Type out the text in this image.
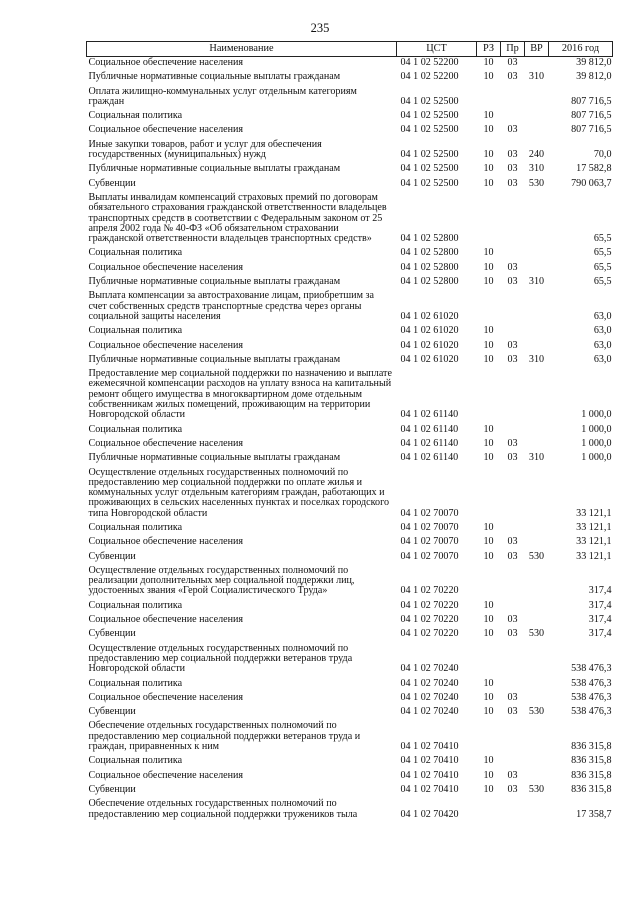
235
Наименование	ЦСТ	РЗ	Пр	ВР	2016 год
Социальное обеспечение населения	04 1 02 52200	10	03		39 812,0
Публичные нормативные социальные выплаты гражданам	04 1 02 52200	10	03	310	39 812,0
Оплата жилищно-коммунальных услуг отдельным категориям граждан	04 1 02 52500				807 716,5
Социальная политика	04 1 02 52500	10			807 716,5
Социальное обеспечение населения	04 1 02 52500	10	03		807 716,5
Иные закупки товаров, работ и услуг для обеспечения государственных (муниципальных) нужд	04 1 02 52500	10	03	240	70,0
Публичные нормативные социальные выплаты гражданам	04 1 02 52500	10	03	310	17 582,8
Субвенции	04 1 02 52500	10	03	530	790 063,7
Выплаты инвалидам компенсаций страховых премий по договорам обязательного страхования гражданской ответственности владельцев транспортных средств в соответствии с Федеральным законом от 25 апреля 2002 года № 40-ФЗ «Об обязательном страховании гражданской ответственности владельцев транспортных средств»	04 1 02 52800				65,5
Социальная политика	04 1 02 52800	10			65,5
Социальное обеспечение населения	04 1 02 52800	10	03		65,5
Публичные нормативные социальные выплаты гражданам	04 1 02 52800	10	03	310	65,5
Выплата компенсации за автострахование лицам, приобретшим за счет собственных средств транспортные средства через органы социальной защиты населения	04 1 02 61020				63,0
Социальная политика	04 1 02 61020	10			63,0
Социальное обеспечение населения	04 1 02 61020	10	03		63,0
Публичные нормативные социальные выплаты гражданам	04 1 02 61020	10	03	310	63,0
Предоставление мер социальной поддержки по назначению и выплате ежемесячной компенсации расходов на уплату взноса на капитальный ремонт общего имущества в многоквартирном доме отдельным собственникам жилых помещений, проживающим на территории Новгородской области	04 1 02 61140				1 000,0
Социальная политика	04 1 02 61140	10			1 000,0
Социальное обеспечение населения	04 1 02 61140	10	03		1 000,0
Публичные нормативные социальные выплаты гражданам	04 1 02 61140	10	03	310	1 000,0
Осуществление отдельных государственных полномочий по предоставлению мер социальной поддержки по оплате жилья и коммунальных услуг отдельным категориям граждан, работающих и проживающих в сельских населенных пунктах и поселках городского типа Новгородской области	04 1 02 70070				33 121,1
Социальная политика	04 1 02 70070	10			33 121,1
Социальное обеспечение населения	04 1 02 70070	10	03		33 121,1
Субвенции	04 1 02 70070	10	03	530	33 121,1
Осуществление отдельных государственных полномочий по реализации дополнительных мер социальной поддержки лиц, удостоенных звания «Герой Социалистического Труда»	04 1 02 70220				317,4
Социальная политика	04 1 02 70220	10			317,4
Социальное обеспечение населения	04 1 02 70220	10	03		317,4
Субвенции	04 1 02 70220	10	03	530	317,4
Осуществление отдельных государственных полномочий по предоставлению мер социальной поддержки ветеранов труда Новгородской области	04 1 02 70240				538 476,3
Социальная политика	04 1 02 70240	10			538 476,3
Социальное обеспечение населения	04 1 02 70240	10	03		538 476,3
Субвенции	04 1 02 70240	10	03	530	538 476,3
Обеспечение отдельных государственных полномочий по предоставлению мер социальной поддержки ветеранов труда и граждан, приравненных к ним	04 1 02 70410				836 315,8
Социальная политика	04 1 02 70410	10			836 315,8
Социальное обеспечение населения	04 1 02 70410	10	03		836 315,8
Субвенции	04 1 02 70410	10	03	530	836 315,8
Обеспечение отдельных государственных полномочий по предоставлению мер социальной поддержки тружеников тыла	04 1 02 70420				17 358,7
